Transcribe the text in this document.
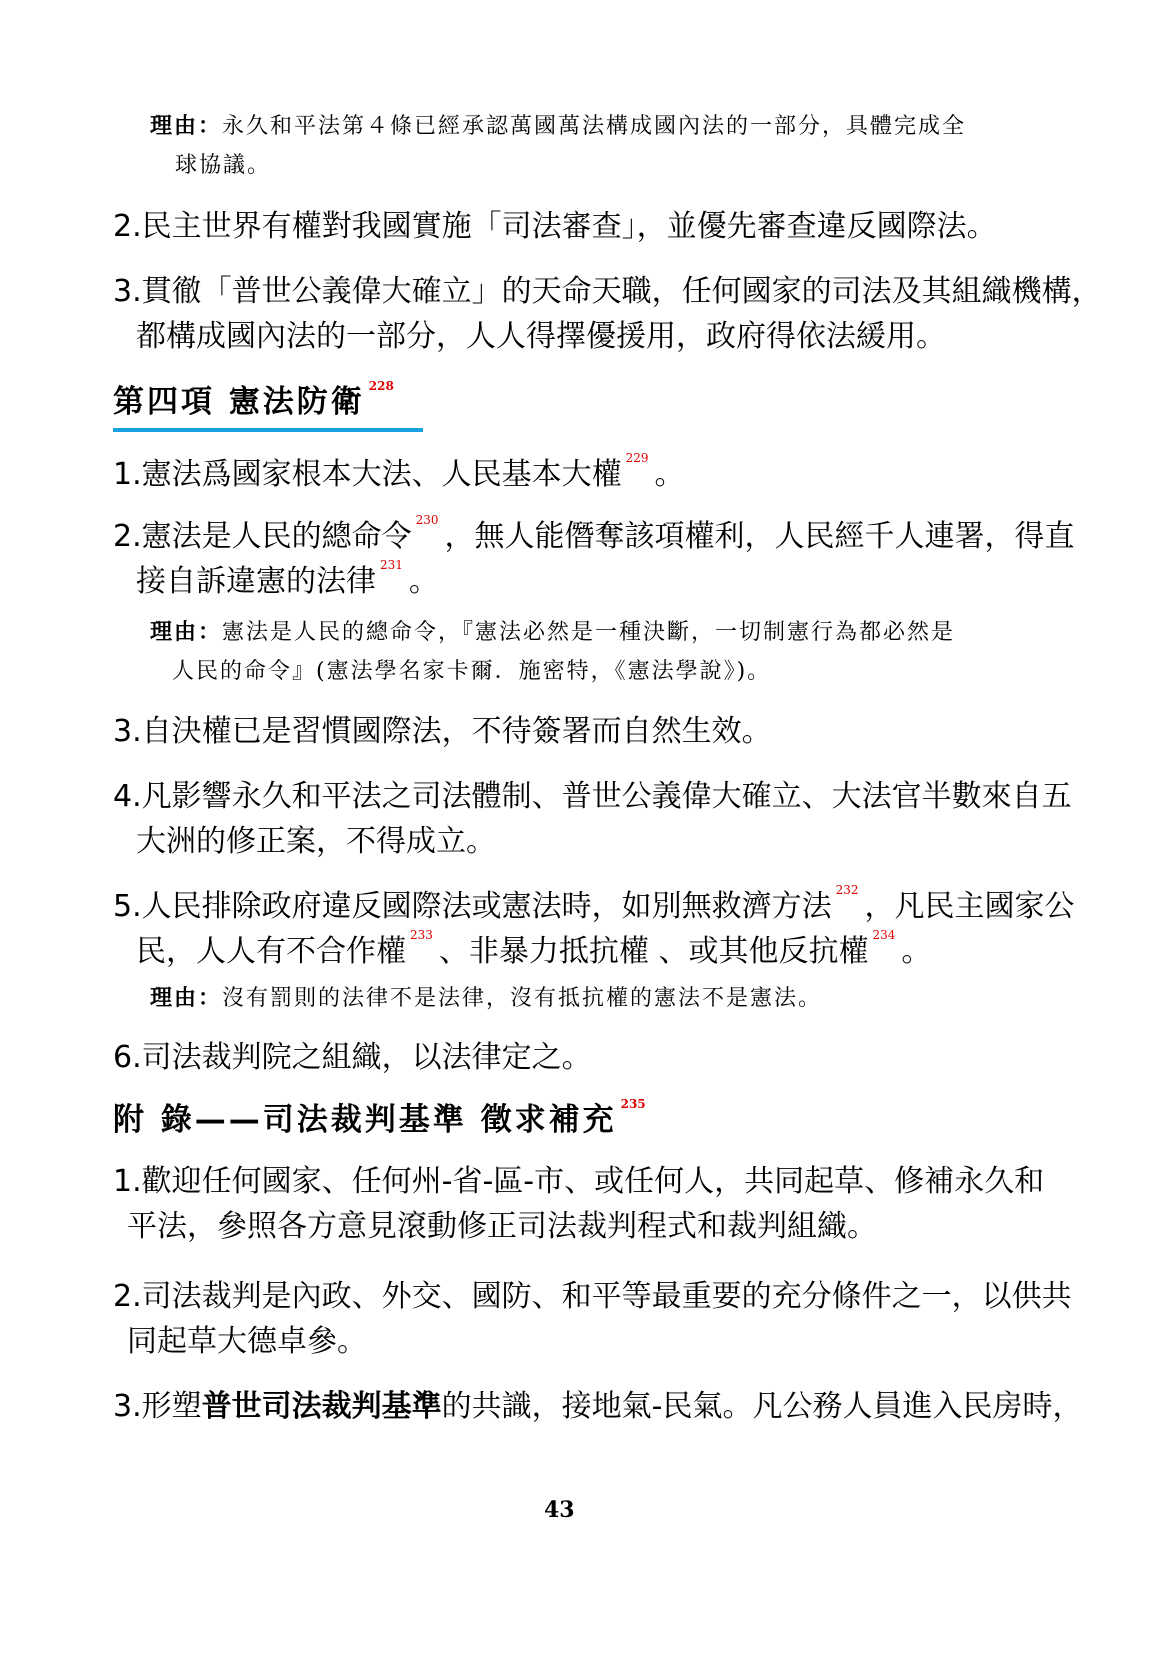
理由：永久和平法第４條已經承認萬國萬法構成國內法的一部分，具體完成全
球協議。
2.民主世界有權對我國實施「司法審查」，並優先審查違反國際法。
3.貫徹「普世公義偉大確立」的天命天職，任何國家的司法及其組織機構，
都構成國內法的一部分，人人得擇優援用，政府得依法緩用。
第四項 憲法防衛 $^{228}$
1.憲法爲國家根本大法、人民基本大權 $^{229}$ 。
2.憲法是人民的總命令 $^{230}$ ，無人能僭奪該項權利，人民經千人連署，得直
接自訴違憲的法律 $^{231}$ 。
理由：憲法是人民的總命令，『憲法必然是一種決斷，一切制憲行為都必然是
人民的命令』(憲法學名家卡爾．施密特，《憲法學說》)。
3.自決權已是習慣國際法，不待簽署而自然生效。
4.凡影響永久和平法之司法體制、普世公義偉大確立、大法官半數來自五
大洲的修正案，不得成立。
5.人民排除政府違反國際法或憲法時，如別無救濟方法 $^{232}$ ，凡民主國家公
民，人人有不合作權 $^{233}$ 、非暴力抵抗權 、或其他反抗權 $^{234}$ 。
理由：沒有罰則的法律不是法律，沒有抵抗權的憲法不是憲法。
6.司法裁判院之組織，以法律定之。
附 錄——司法裁判基準 徵求補充 $^{235}$
1.歡迎任何國家、任何州-省-區-市、或任何人，共同起草、修補永久和
平法，參照各方意見滾動修正司法裁判程式和裁判組織。
2.司法裁判是內政、外交、國防、和平等最重要的充分條件之一，以供共
同起草大德卓參。
3.形塑普世司法裁判基準的共識，接地氣-民氣。凡公務人員進入民房時，
43
